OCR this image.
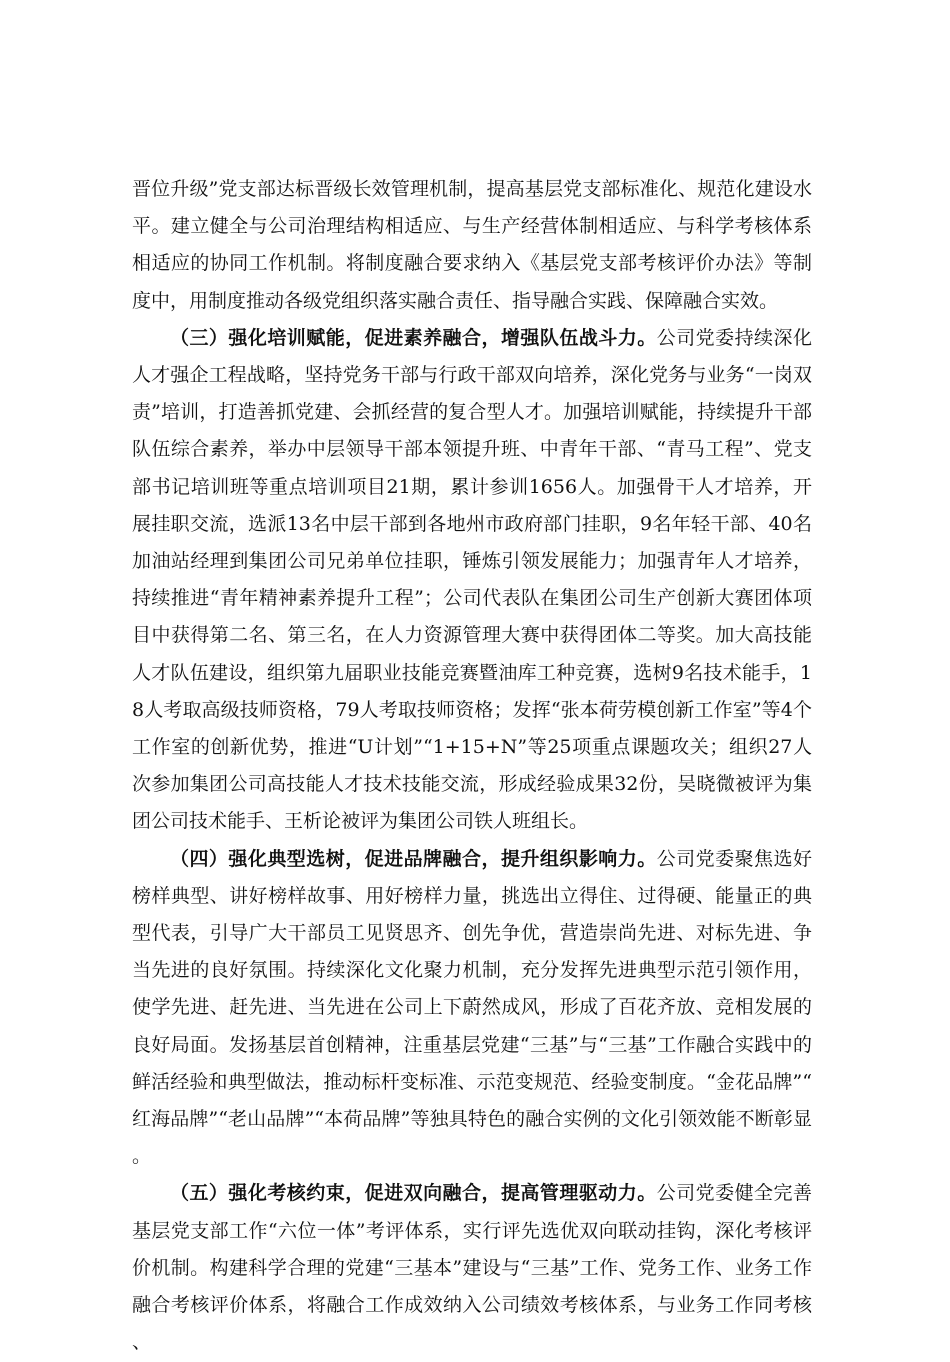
晋位升级”党支部达标晋级长效管理机制，提高基层党支部标准化、规范化建设水平。建立健全与公司治理结构相适应、与生产经营体制相适应、与科学考核体系相适应的协同工作机制。将制度融合要求纳入《基层党支部考核评价办法》等制度中，用制度推动各级党组织落实融合责任、指导融合实践、保障融合实效。

（三）强化培训赋能，促进素养融合，增强队伍战斗力。公司党委持续深化人才强企工程战略，坚持党务干部与行政干部双向培养，深化党务与业务“一岗双责”培训，打造善抓党建、会抓经营的复合型人才。加强培训赋能，持续提升干部队伍综合素养，举办中层领导干部本领提升班、中青年干部、“青马工程”、党支部书记培训班等重点培训项目21期，累计参训1656人。加强骨干人才培养，开展挂职交流，选派13名中层干部到各地州市政府部门挂职，9名年轻干部、40名加油站经理到集团公司兄弟单位挂职，锤炼引领发展能力；加强青年人才培养，持续推进“青年精神素养提升工程”；公司代表队在集团公司生产创新大赛团体项目中获得第二名、第三名，在人力资源管理大赛中获得团体二等奖。加大高技能人才队伍建设，组织第九届职业技能竞赛暨油库工种竞赛，选树9名技术能手，18人考取高级技师资格，79人考取技师资格；发挥“张本荷劳模创新工作室”等4个工作室的创新优势，推进“U计划”“1+15+N”等25项重点课题攻关；组织27人次参加集团公司高技能人才技术技能交流，形成经验成果32份，吴晓微被评为集团公司技术能手、王析论被评为集团公司铁人班组长。

（四）强化典型选树，促进品牌融合，提升组织影响力。公司党委聚焦选好榜样典型、讲好榜样故事、用好榜样力量，挑选出立得住、过得硬、能量正的典型代表，引导广大干部员工见贤思齐、创先争优，营造崇尚先进、对标先进、争当先进的良好氛围。持续深化文化聚力机制，充分发挥先进典型示范引领作用，使学先进、赶先进、当先进在公司上下蔚然成风，形成了百花齐放、竞相发展的良好局面。发扬基层首创精神，注重基层党建“三基”与“三基”工作融合实践中的鲜活经验和典型做法，推动标杆变标准、示范变规范、经验变制度。“金花品牌”“红海品牌”“老山品牌”“本荷品牌”等独具特色的融合实例的文化引领效能不断彰显。

（五）强化考核约束，促进双向融合，提高管理驱动力。公司党委健全完善基层党支部工作“六位一体”考评体系，实行评先选优双向联动挂钩，深化考核评价机制。构建科学合理的党建“三基本”建设与“三基”工作、党务工作、业务工作融合考核评价体系，将融合工作成效纳入公司绩效考核体系，与业务工作同考核、
